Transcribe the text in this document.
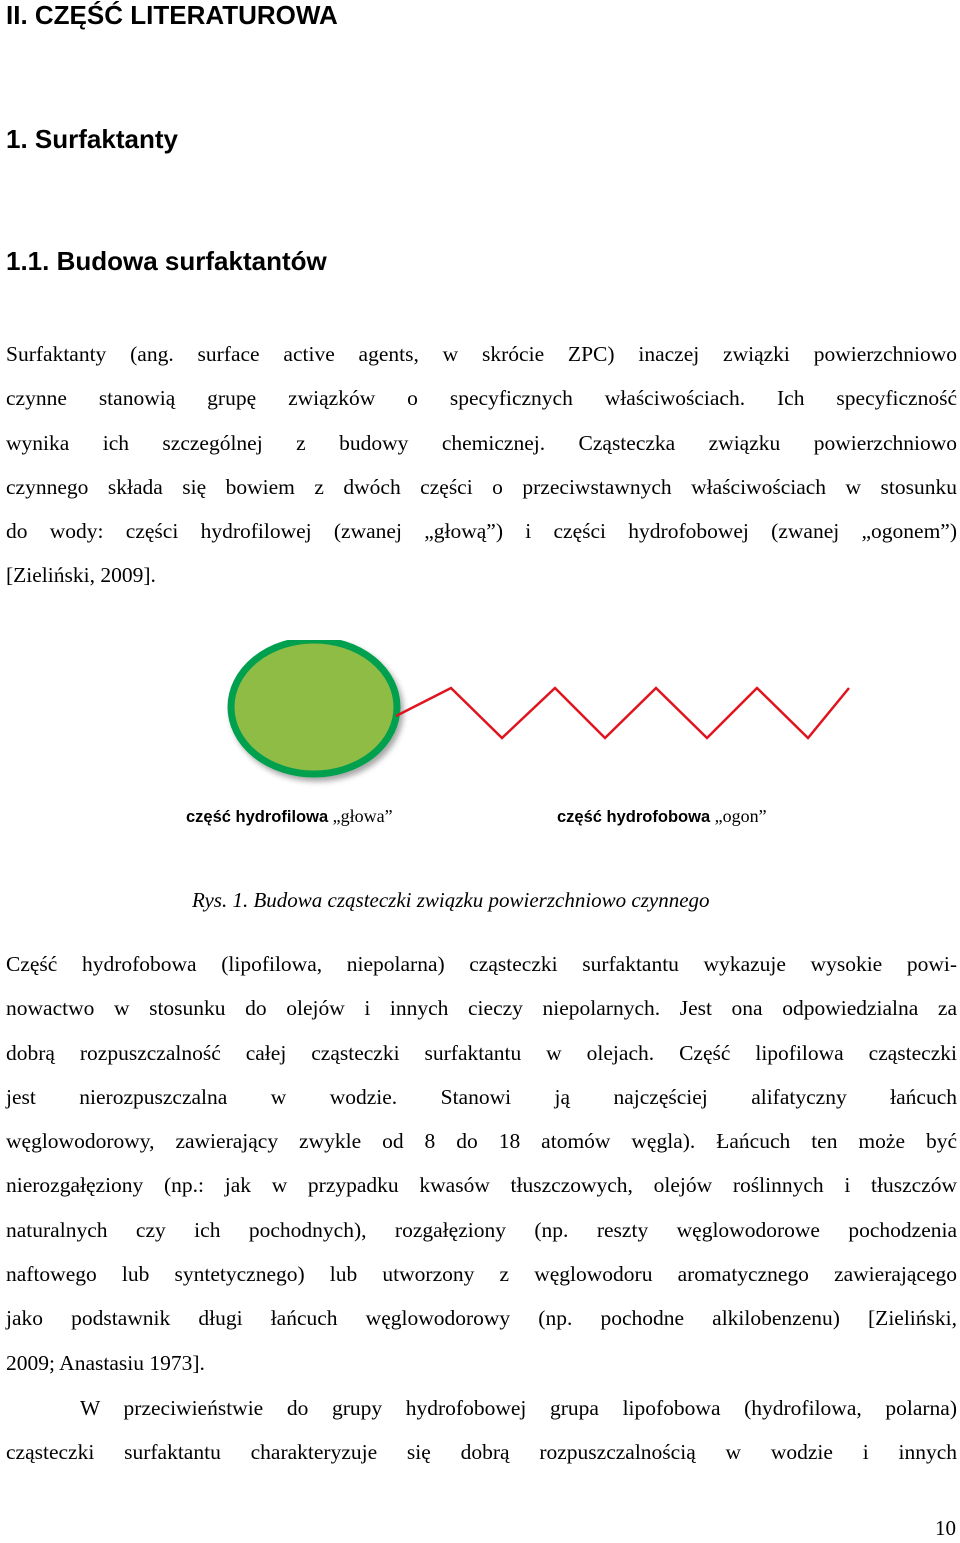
II. CZĘŚĆ LITERATUROWA
1. Surfaktanty
1.1. Budowa surfaktantów

Surfaktanty (ang. surface active agents, w skrócie ZPC) inaczej związki powierzchniowo
czynne stanowią grupę związków o specyficznych właściwościach. Ich specyficzność
wynika ich szczególnej z budowy chemicznej. Cząsteczka związku powierzchniowo
czynnego składa się bowiem z dwóch części o przeciwstawnych właściwościach w stosunku
do wody: części hydrofilowej (zwanej „głową”) i części hydrofobowej (zwanej „ogonem”)
[Zieliński, 2009].

część hydrofilowa „głowa”	część hydrofobowa „ogon”

Rys. 1. Budowa cząsteczki związku powierzchniowo czynnego

Część hydrofobowa (lipofilowa, niepolarna) cząsteczki surfaktantu wykazuje wysokie powi-
nowactwo w stosunku do olejów i innych cieczy niepolarnych. Jest ona odpowiedzialna za
dobrą rozpuszczalność całej cząsteczki surfaktantu w olejach. Część lipofilowa cząsteczki
jest nierozpuszczalna w wodzie. Stanowi ją najczęściej alifatyczny łańcuch
węglowodorowy, zawierający zwykle od 8 do 18 atomów węgla). Łańcuch ten może być
nierozgałęziony (np.: jak w przypadku kwasów tłuszczowych, olejów roślinnych i tłuszczów
naturalnych czy ich pochodnych), rozgałęziony (np. reszty węglowodorowe pochodzenia
naftowego lub syntetycznego) lub utworzony z węglowodoru aromatycznego zawierającego
jako podstawnik długi łańcuch węglowodorowy (np. pochodne alkilobenzenu) [Zieliński,
2009; Anastasiu 1973].

W przeciwieństwie do grupy hydrofobowej grupa lipofobowa (hydrofilowa, polarna)
cząsteczki surfaktantu charakteryzuje się dobrą rozpuszczalnością w wodzie i innych

10
